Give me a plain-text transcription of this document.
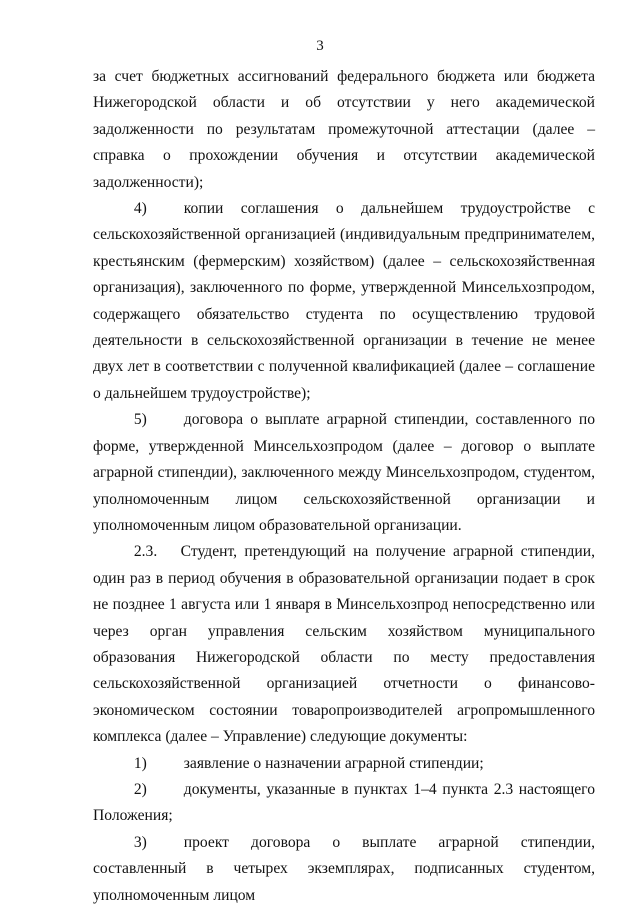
3

за счет бюджетных ассигнований федерального бюджета или бюджета Нижегородской области и об отсутствии у него академической задолженности по результатам промежуточной аттестации (далее – справка о прохождении обучения и отсутствии академической задолженности);

4) копии соглашения о дальнейшем трудоустройстве с сельскохозяйственной организацией (индивидуальным предпринимателем, крестьянским (фермерским) хозяйством) (далее – сельскохозяйственная организация), заключенного по форме, утвержденной Минсельхозпродом, содержащего обязательство студента по осуществлению трудовой деятельности в сельскохозяйственной организации в течение не менее двух лет в соответствии с полученной квалификацией (далее – соглашение о дальнейшем трудоустройстве);

5) договора о выплате аграрной стипендии, составленного по форме, утвержденной Минсельхозпродом (далее – договор о выплате аграрной стипендии), заключенного между Минсельхозпродом, студентом, уполномоченным лицом сельскохозяйственной организации и уполномоченным лицом образовательной организации.

2.3. Студент, претендующий на получение аграрной стипендии, один раз в период обучения в образовательной организации подает в срок не позднее 1 августа или 1 января в Минсельхозпрод непосредственно или через орган управления сельским хозяйством муниципального образования Нижегородской области по месту предоставления сельскохозяйственной организацией отчетности о финансово-экономическом состоянии товаропроизводителей агропромышленного комплекса (далее – Управление) следующие документы:

1) заявление о назначении аграрной стипендии;

2) документы, указанные в пунктах 1–4 пункта 2.3 настоящего Положения;

3) проект договора о выплате аграрной стипендии, составленный в четырех экземплярах, подписанных студентом, уполномоченным лицом
